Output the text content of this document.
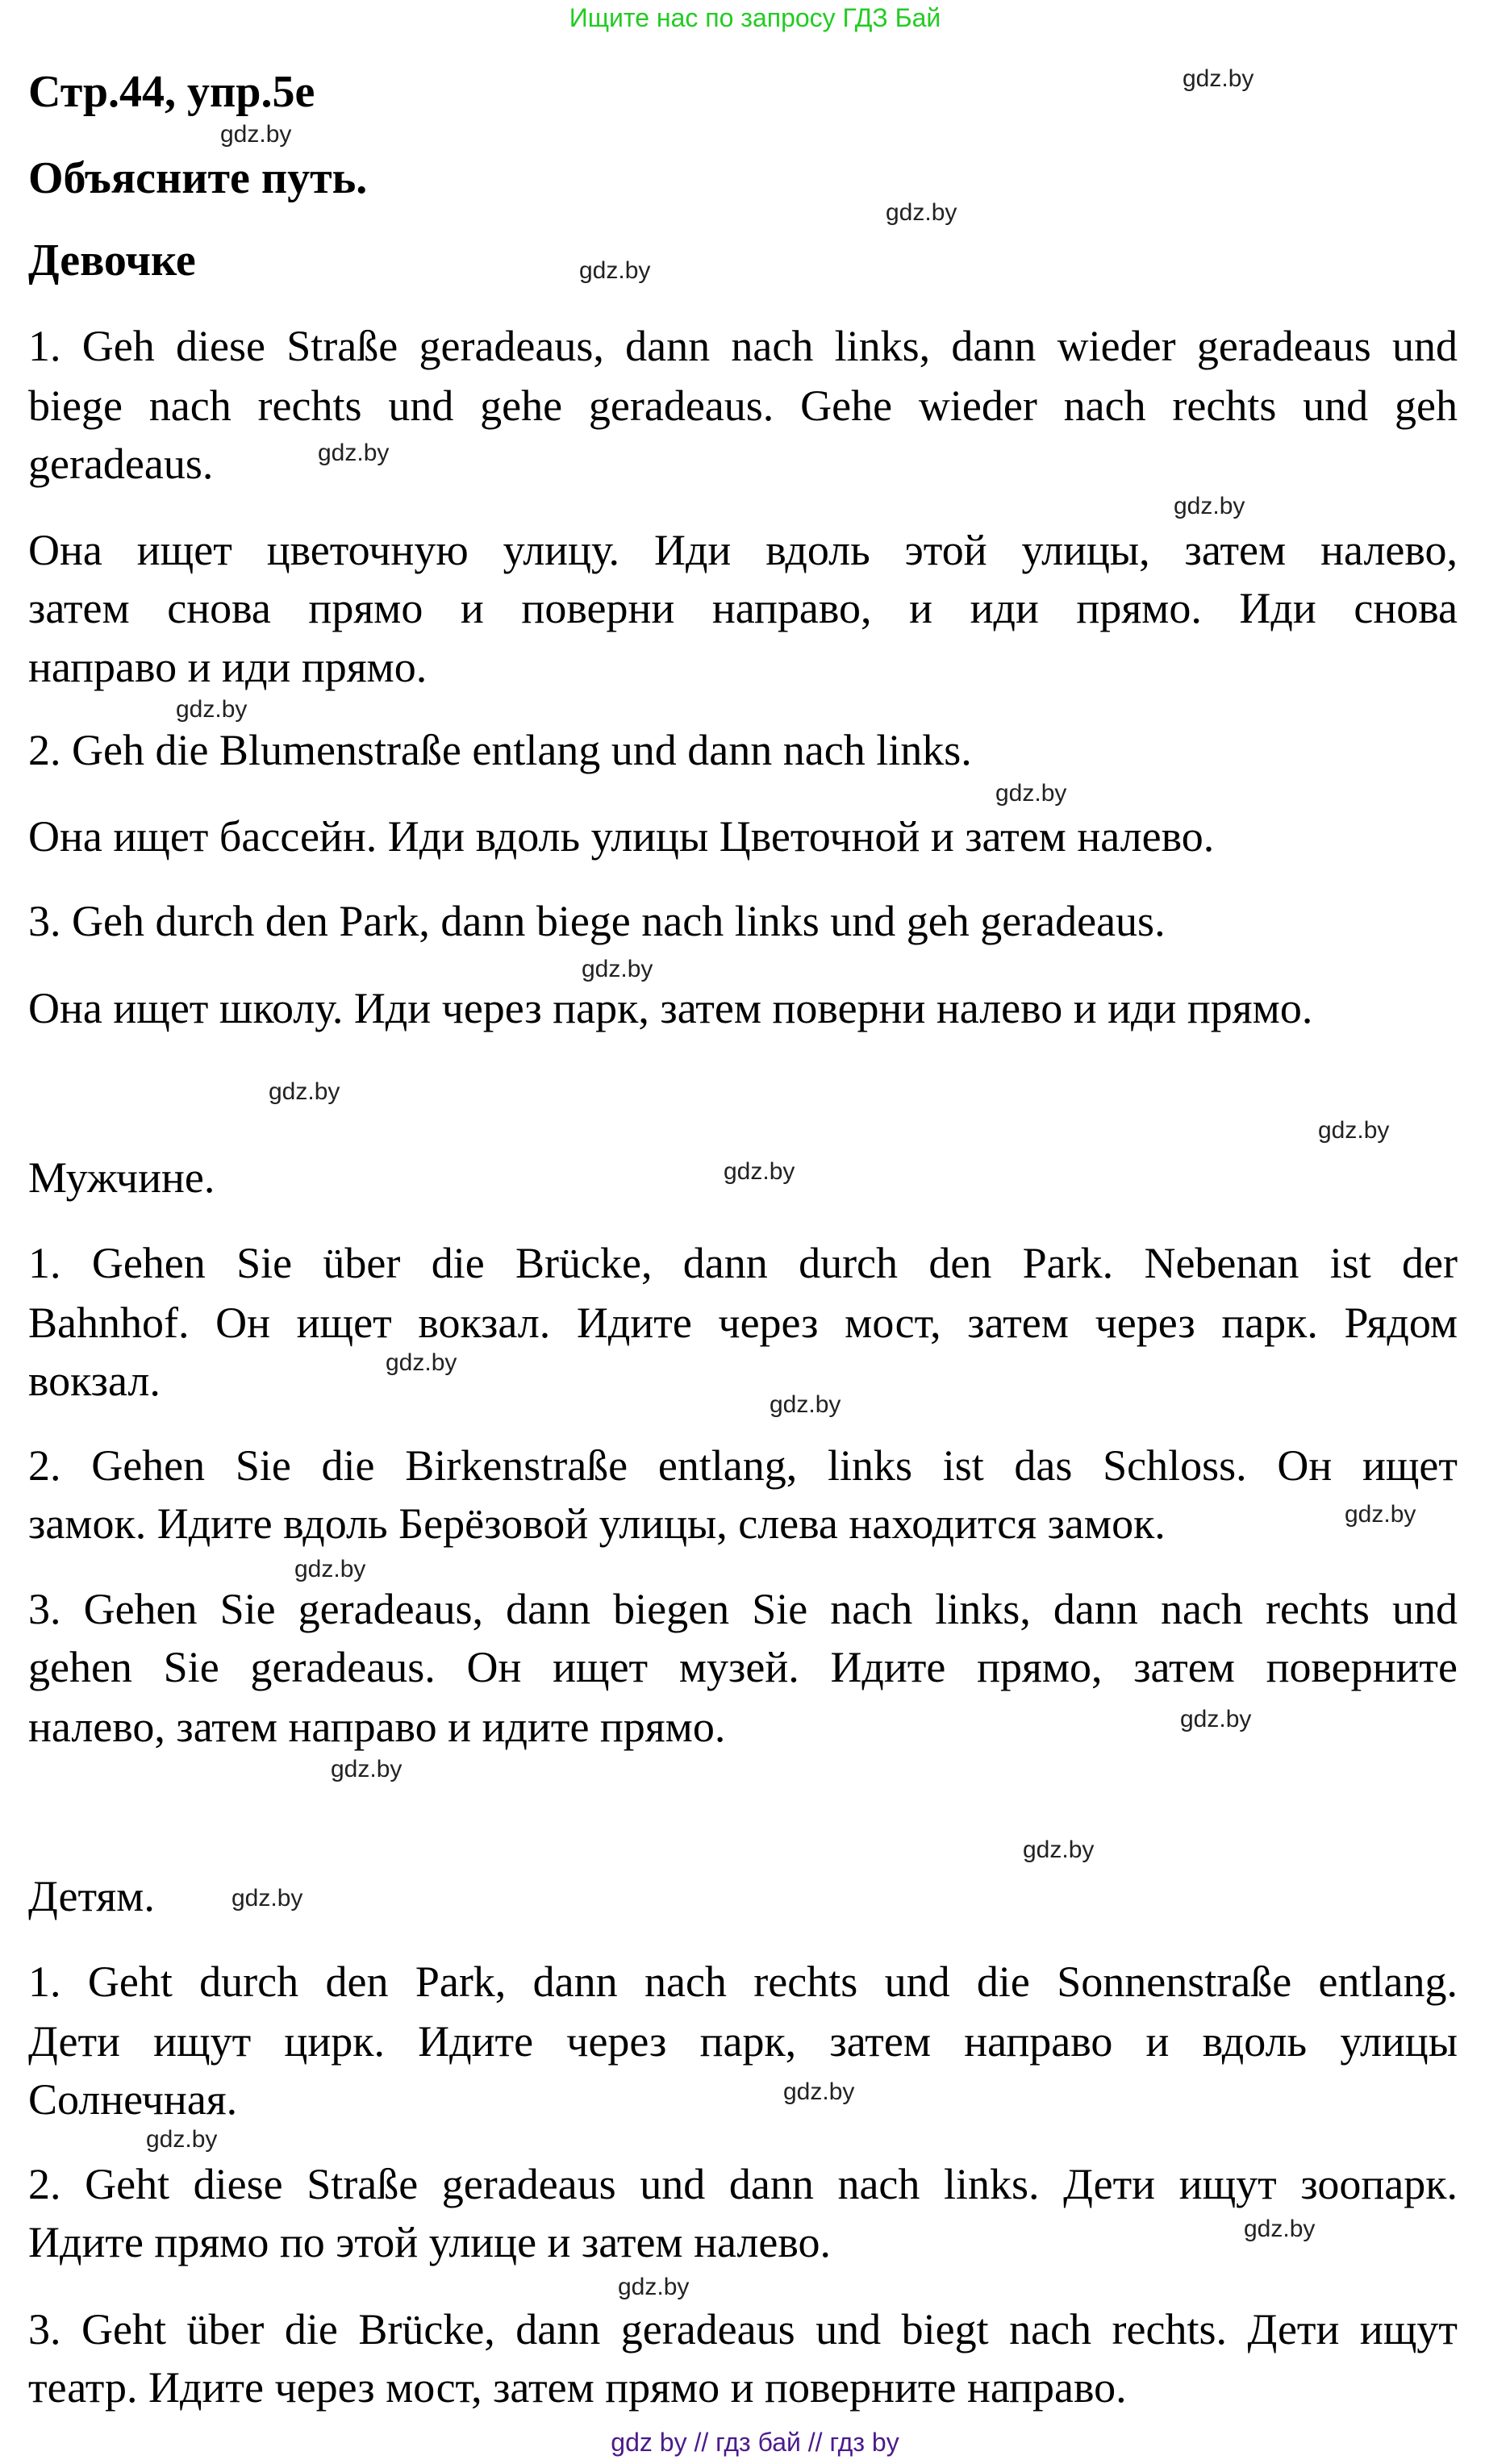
Ищите нас по запросу ГДЗ Бай
Стр.44, упр.5е
Объясните путь.
Девочке
1. Geh diese Straße geradeaus, dann nach links, dann wieder geradeaus und
biege nach rechts und gehe geradeaus. Gehe wieder nach rechts und geh
geradeaus.
Она ищет цветочную улицу. Иди вдоль этой улицы, затем налево,
затем снова прямо и поверни направо, и иди прямо. Иди снова
направо и иди прямо.
2. Geh die Blumenstraße entlang und dann nach links.
Она ищет бассейн. Иди вдоль улицы Цветочной и затем налево.
3. Geh durch den Park, dann biege nach links und geh geradeaus.
Она ищет школу. Иди через парк, затем поверни налево и иди прямо.
Мужчине.
1. Gehen Sie über die Brücke, dann durch den Park. Nebenan ist der
Bahnhof. Он ищет вокзал. Идите через мост, затем через парк. Рядом
вокзал.
2. Gehen Sie die Birkenstraße entlang, links ist das Schloss. Он ищет
замок. Идите вдоль Берёзовой улицы, слева находится замок.
3. Gehen Sie geradeaus, dann biegen Sie nach links, dann nach rechts und
gehen Sie geradeaus. Он ищет музей. Идите прямо, затем поверните
налево, затем направо и идите прямо.
Детям.
1. Geht durch den Park, dann nach rechts und die Sonnenstraße entlang.
Дети ищут цирк. Идите через парк, затем направо и вдоль улицы
Солнечная.
2. Geht diese Straße geradeaus und dann nach links. Дети ищут зоопарк.
Идите прямо по этой улице и затем налево.
3. Geht über die Brücke, dann geradeaus und biegt nach rechts. Дети ищут
театр. Идите через мост, затем прямо и поверните направо.
gdz.by
gdz.by
gdz.by
gdz.by
gdz.by
gdz.by
gdz.by
gdz.by
gdz.by
gdz.by
gdz.by
gdz.by
gdz.by
gdz.by
gdz.by
gdz.by
gdz.by
gdz.by
gdz.by
gdz.by
gdz.by
gdz.by
gdz.by
gdz.by
gdz by // гдз бай // гдз by
